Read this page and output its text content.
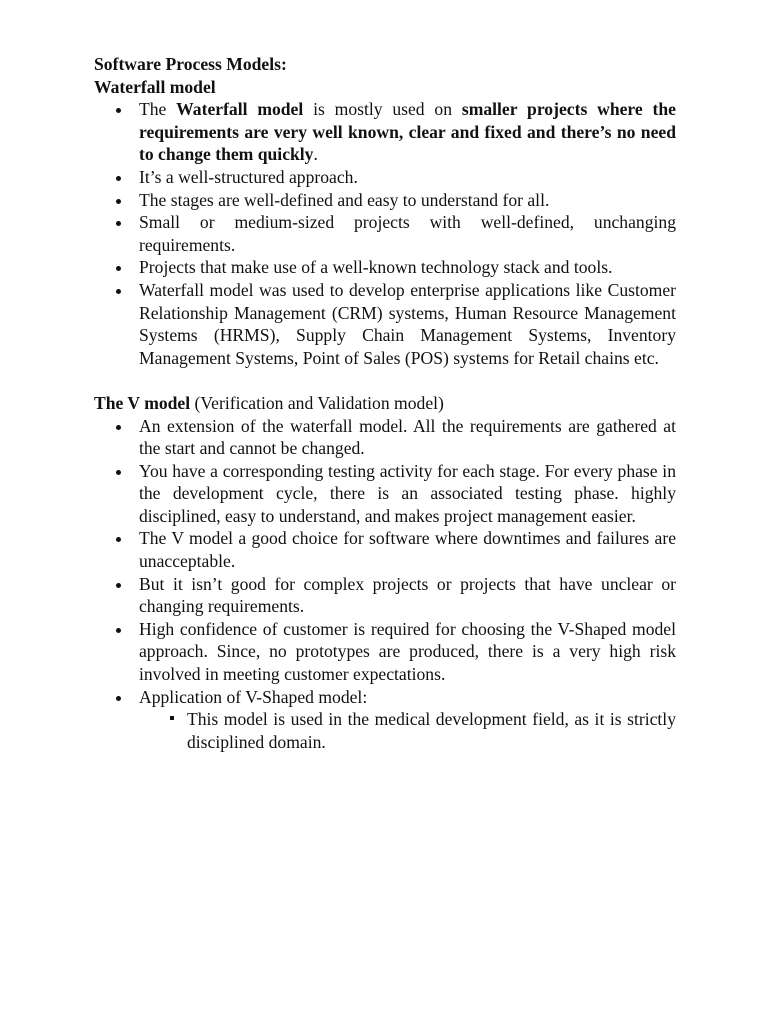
Software Process Models:

Waterfall model

The Waterfall model is mostly used on smaller projects where the requirements are very well known, clear and fixed and there’s no need to change them quickly.
It’s a well-structured approach.
The stages are well-defined and easy to understand for all.
Small or medium-sized projects with well-defined, unchanging requirements.
Projects that make use of a well-known technology stack and tools.
Waterfall model was used to develop enterprise applications like Customer Relationship Management (CRM) systems, Human Resource Management Systems (HRMS), Supply Chain Management Systems, Inventory Management Systems, Point of Sales (POS) systems for Retail chains etc.

The V model (Verification and Validation model)

An extension of the waterfall model. All the requirements are gathered at the start and cannot be changed.
You have a corresponding testing activity for each stage. For every phase in the development cycle, there is an associated testing phase. highly disciplined, easy to understand, and makes project management easier.
The V model a good choice for software where downtimes and failures are unacceptable.
But it isn’t good for complex projects or projects that have unclear or changing requirements.
High confidence of customer is required for choosing the V-Shaped model approach. Since, no prototypes are produced, there is a very high risk involved in meeting customer expectations.
Application of V-Shaped model:
This model is used in the medical development field, as it is strictly disciplined domain.
